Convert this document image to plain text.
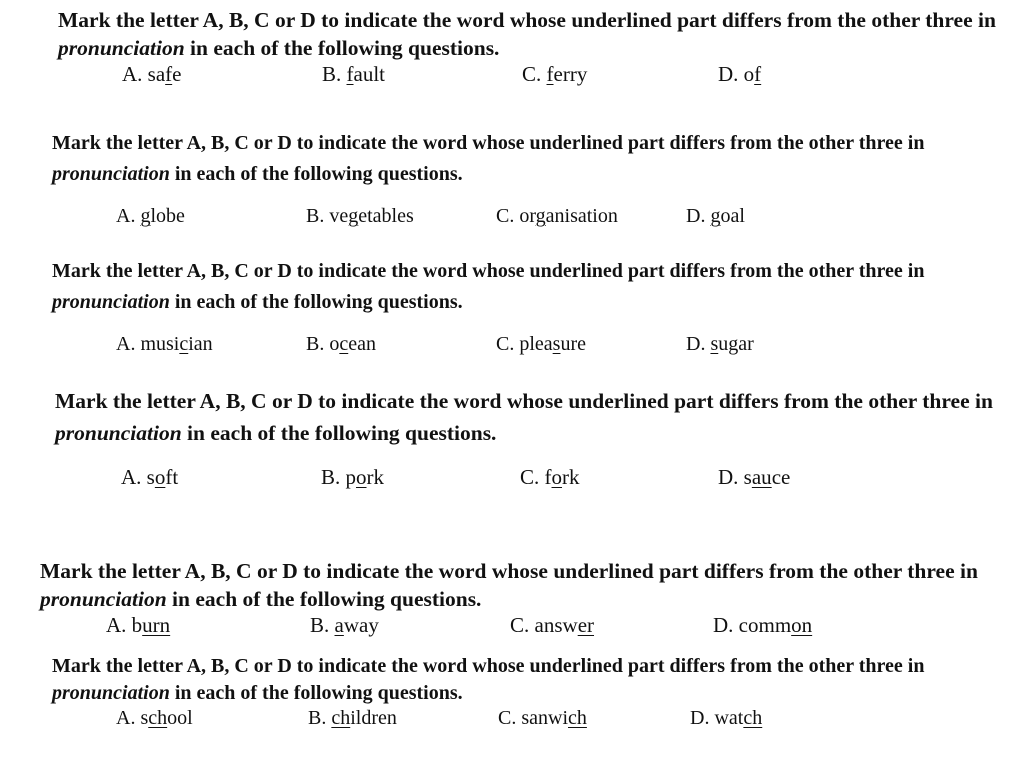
Mark the letter A, B, C or D to indicate the word whose underlined part differs from the other three in pronunciation in each of the following questions.

A. safe	B. fault	C. ferry	D. of

Mark the letter A, B, C or D to indicate the word whose underlined part differs from the other three in pronunciation in each of the following questions.

A. globe	B. vegetables	C. organisation	D. goal

Mark the letter A, B, C or D to indicate the word whose underlined part differs from the other three in pronunciation in each of the following questions.

A. musician	B. ocean	C. pleasure	D. sugar

Mark the letter A, B, C or D to indicate the word whose underlined part differs from the other three in pronunciation in each of the following questions.

A. soft	B. pork	C. fork	D. sauce

Mark the letter A, B, C or D to indicate the word whose underlined part differs from the other three in pronunciation in each of the following questions.

A. burn	B. away	C. answer	D. common

Mark the letter A, B, C or D to indicate the word whose underlined part differs from the other three in pronunciation in each of the following questions.

A. school	B. children	C. sanwich	D. watch
